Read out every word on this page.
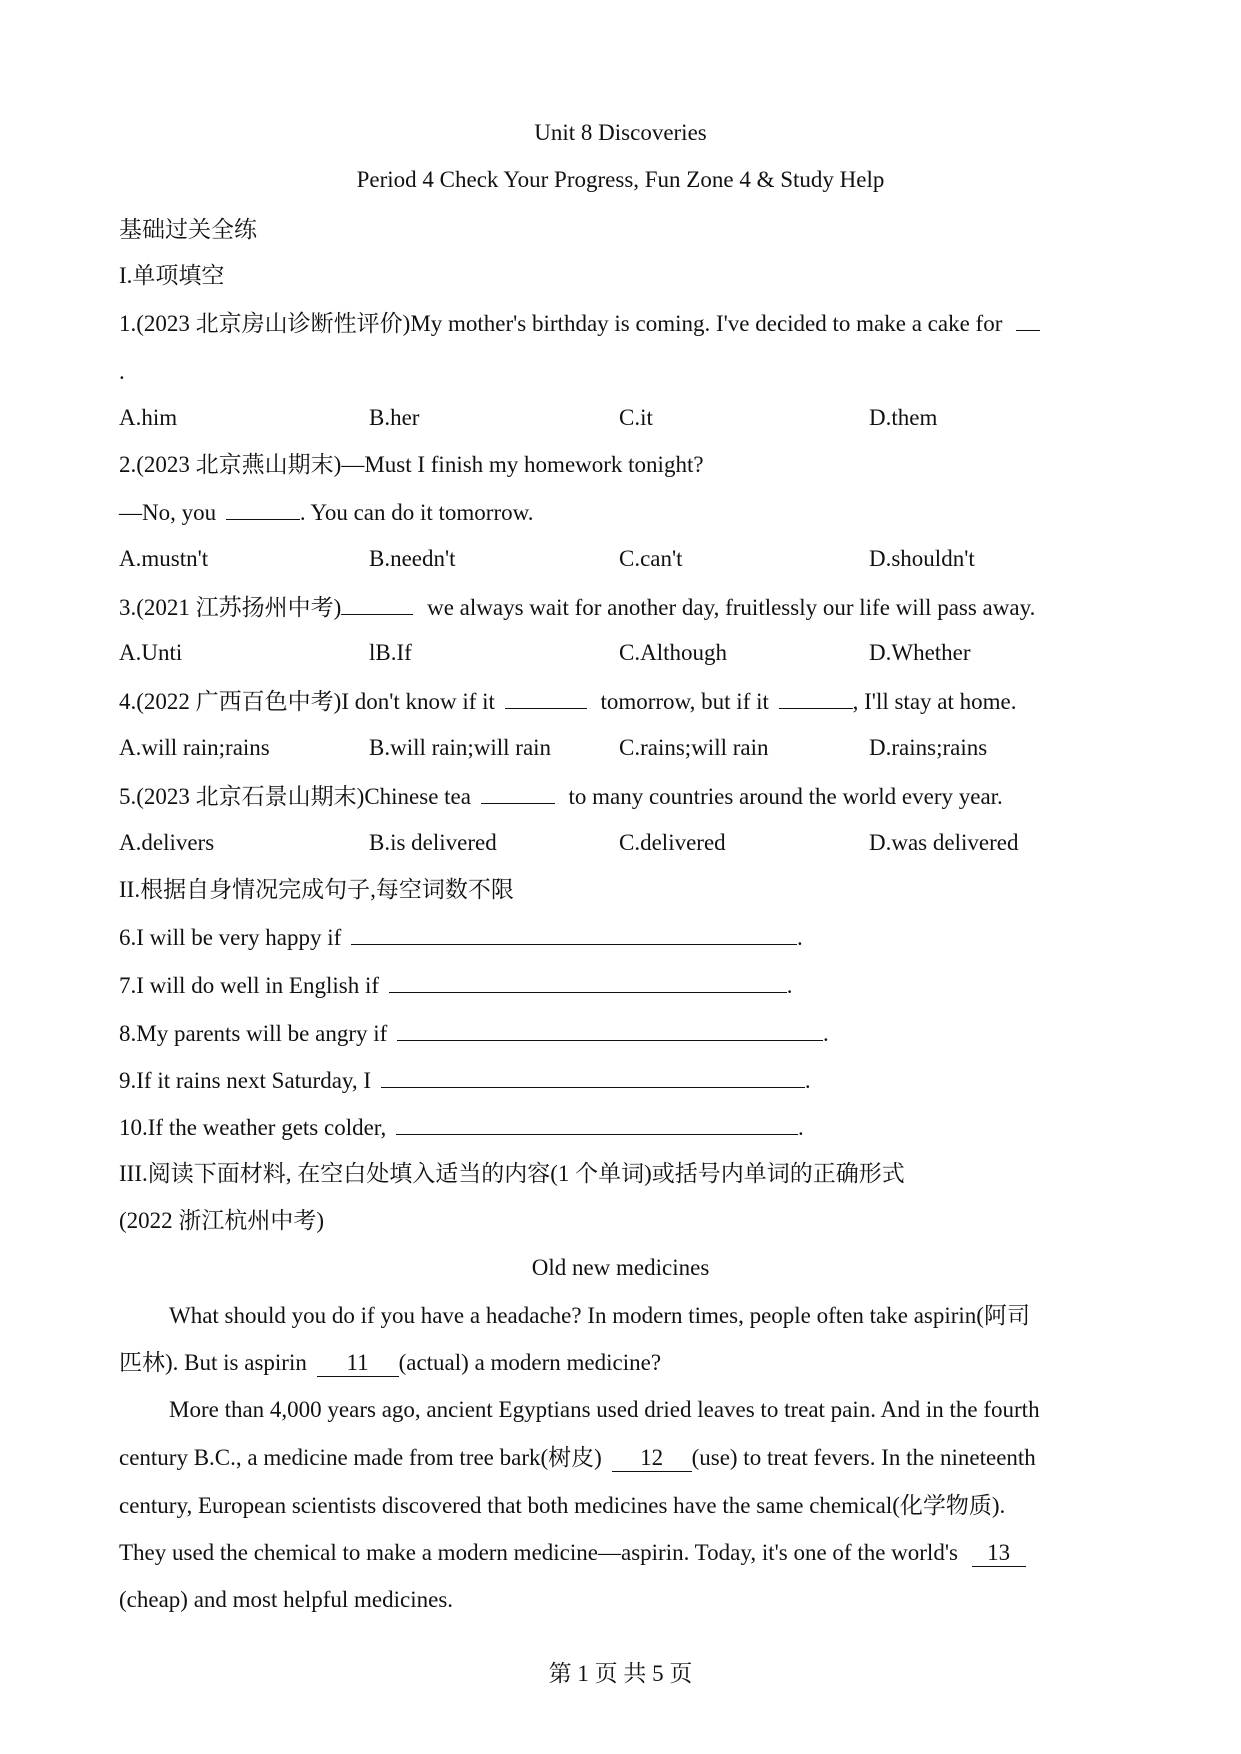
Unit 8 Discoveries
Period 4 Check Your Progress, Fun Zone 4 & Study Help
基础过关全练
I.单项填空
1.(2023 北京房山诊断性评价)My mother's birthday is coming. I've decided to make a cake for
.
A.him	B.her	C.it	D.them
2.(2023 北京燕山期末)—Must I finish my homework tonight?
—No, you	. You can do it tomorrow.
A.mustn't	B.needn't	C.can't	D.shouldn't
3.(2021 江苏扬州中考)	we always wait for another day, fruitlessly our life will pass away.
A.Unti	lB.If	C.Although	D.Whether
4.(2022 广西百色中考)I don't know if it	tomorrow, but if it	, I'll stay at home.
A.will rain;rains	B.will rain;will rain	C.rains;will rain	D.rains;rains
5.(2023 北京石景山期末)Chinese tea	to many countries around the world every year.
A.delivers	B.is delivered	C.delivered	D.was delivered
II.根据自身情况完成句子,每空词数不限
6.I will be very happy if	.
7.I will do well in English if	.
8.My parents will be angry if	.
9.If it rains next Saturday, I	.
10.If the weather gets colder,	.
III.阅读下面材料, 在空白处填入适当的内容(1 个单词)或括号内单词的正确形式
(2022 浙江杭州中考)
Old new medicines
What should you do if you have a headache? In modern times, people often take aspirin(阿司
匹林). But is aspirin 11 (actual) a modern medicine?
More than 4,000 years ago, ancient Egyptians used dried leaves to treat pain. And in the fourth
century B.C., a medicine made from tree bark(树皮) 12 (use) to treat fevers. In the nineteenth
century, European scientists discovered that both medicines have the same chemical(化学物质).
They used the chemical to make a modern medicine—aspirin. Today, it's one of the world's 13
(cheap) and most helpful medicines.
第 1 页 共 5 页
